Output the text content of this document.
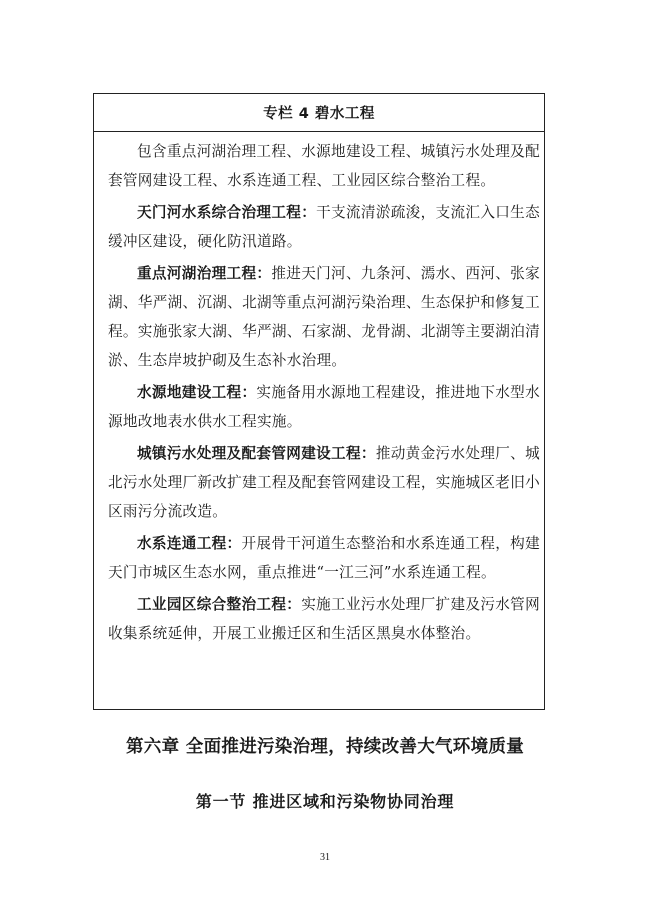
专栏 4 碧水工程

包含重点河湖治理工程、水源地建设工程、城镇污水处理及配套管网建设工程、水系连通工程、工业园区综合整治工程。

天门河水系综合治理工程：干支流清淤疏浚，支流汇入口生态缓冲区建设，硬化防汛道路。

重点河湖治理工程：推进天门河、九条河、漹水、西河、张家湖、华严湖、沉湖、北湖等重点河湖污染治理、生态保护和修复工程。实施张家大湖、华严湖、石家湖、龙骨湖、北湖等主要湖泊清淤、生态岸坡护砌及生态补水治理。

水源地建设工程：实施备用水源地工程建设，推进地下水型水源地改地表水供水工程实施。

城镇污水处理及配套管网建设工程：推动黄金污水处理厂、城北污水处理厂新改扩建工程及配套管网建设工程，实施城区老旧小区雨污分流改造。

水系连通工程：开展骨干河道生态整治和水系连通工程，构建天门市城区生态水网，重点推进“一江三河”水系连通工程。

工业园区综合整治工程：实施工业污水处理厂扩建及污水管网收集系统延伸，开展工业搬迁区和生活区黑臭水体整治。

第六章 全面推进污染治理，持续改善大气环境质量
第一节 推进区域和污染物协同治理
31
